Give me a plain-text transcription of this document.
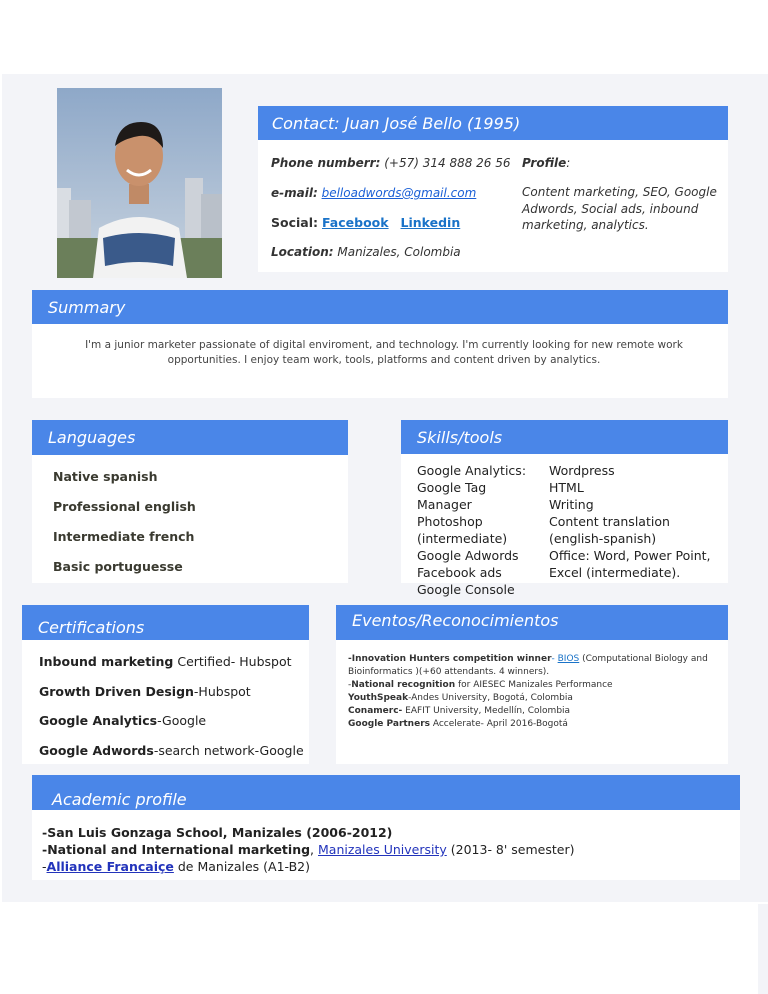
Contact: Juan José Bello (1995)
Phone numberr: (+57) 314 888 26 56
e-mail: belloadwords@gmail.com
Social: Facebook Linkedin
Location: Manizales, Colombia
Profile:
Content marketing, SEO, Google Adwords, Social ads, inbound marketing, analytics.
Summary
I'm a junior marketer passionate of digital enviroment, and technology. I'm currently looking for new remote work opportunities. I enjoy team work, tools, platforms and content driven by analytics.
Languages
Native spanish
Professional english
Intermediate french
Basic portuguesse
Skills/tools
Google Analytics:
Google Tag Manager
Photoshop (intermediate)
Google Adwords
Facebook ads
Google Console
Wordpress
HTML
Writing
Content translation (english-spanish)
Office: Word, Power Point, Excel (intermediate).
Certifications
Inbound marketing Certified- Hubspot
Growth Driven Design-Hubspot
Google Analytics-Google
Google Adwords-search network-Google
Eventos/Reconocimientos
-Innovation Hunters competition winner- BIOS (Computational Biology and Bioinformatics )(+60 attendants. 4 winners).
-National recognition for AIESEC Manizales Performance
YouthSpeak-Andes University, Bogotá, Colombia
Conamerc- EAFIT University, Medellín, Colombia
Google Partners Accelerate- April 2016-Bogotá
Academic profile
-San Luis Gonzaga School, Manizales (2006-2012)
-National and International marketing, Manizales University (2013- 8' semester)
-Alliance Francaiçe de Manizales (A1-B2)
